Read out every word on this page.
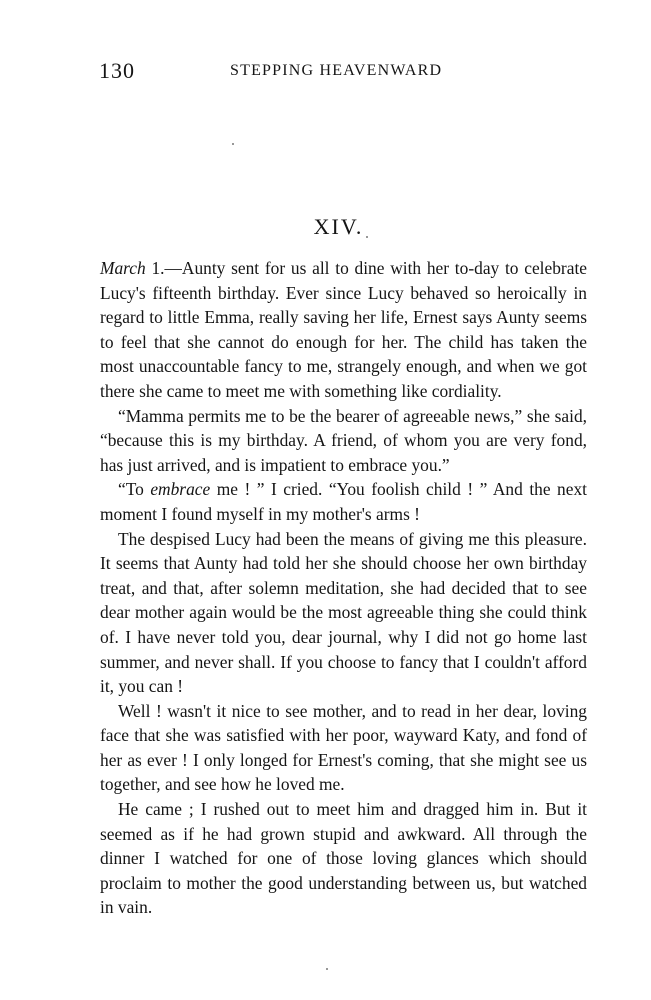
130	STEPPING HEAVENWARD
XIV.

March 1.—Aunty sent for us all to dine with her to-day to celebrate Lucy's fifteenth birthday. Ever since Lucy behaved so heroically in regard to little Emma, really saving her life, Ernest says Aunty seems to feel that she cannot do enough for her. The child has taken the most unaccountable fancy to me, strangely enough, and when we got there she came to meet me with something like cordiality.

“Mamma permits me to be the bearer of agreeable news,” she said, “because this is my birthday. A friend, of whom you are very fond, has just arrived, and is impatient to embrace you.”

“To embrace me ! ” I cried. “You foolish child ! ” And the next moment I found myself in my mother's arms !

The despised Lucy had been the means of giving me this pleasure. It seems that Aunty had told her she should choose her own birthday treat, and that, after solemn meditation, she had decided that to see dear mother again would be the most agreeable thing she could think of. I have never told you, dear journal, why I did not go home last summer, and never shall. If you choose to fancy that I couldn't afford it, you can !

Well ! wasn't it nice to see mother, and to read in her dear, loving face that she was satisfied with her poor, wayward Katy, and fond of her as ever ! I only longed for Ernest's coming, that she might see us together, and see how he loved me.

He came ; I rushed out to meet him and dragged him in. But it seemed as if he had grown stupid and awkward. All through the dinner I watched for one of those loving glances which should proclaim to mother the good understanding between us, but watched in vain.
